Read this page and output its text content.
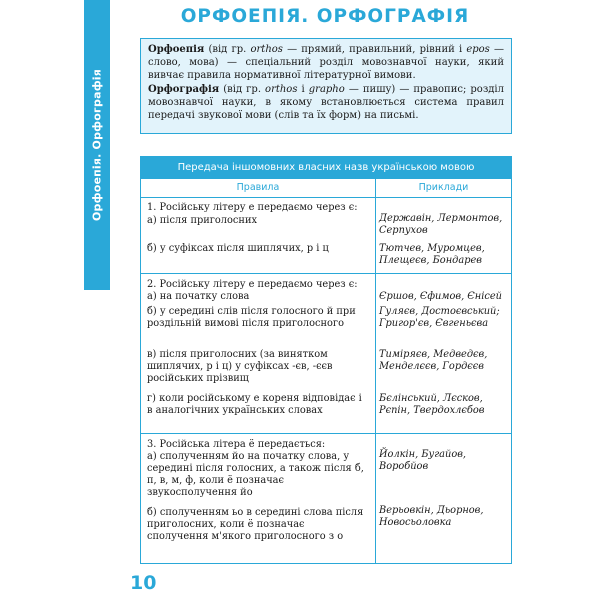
Орфоепія. Орфографія
ОРФОЕПІЯ. ОРФОГРАФІЯ

Орфоепія (від гр. orthos — прямий, правильний, рівний і epos — слово, мова) — спеціальний розділ мовознавчої науки, який вивчає правила нормативної літературної вимови.

Орфографія (від гр. orthos і grapho — пишу) — правопис; розділ мовознавчої науки, в якому встановлюється система правил передачі звукової мови (слів та їх форм) на письмі.

Передача іншомовних власних назв українською мовою
Правила	Приклади
1. Російську літеру е передаємо через є:
а) після приголосних
б) у суфіксах після шиплячих, р і ц
Державін, Лермонтов, Серпухов
Тютчев, Муромцев, Плещеєв, Бондарев
2. Російську літеру е передаємо через є:
а) на початку слова
б) у середині слів після голосного й при роздільній вимові після приголосного
в) після приголосних (за винятком шиплячих, р і ц) у суфіксах -єв, -єєв російських прізвищ
г) коли російському е кореня відповідає і в аналогічних українських словах
Єршов, Єфимов, Єнісей
Гуляєв, Достоєвський; Григор'єв, Євгеньєва
Тиміряєв, Медведєв, Менделєєв, Гордєєв
Бєлінський, Лєсков, Рєпін, Твердохлєбов
3. Російська літера ё передається:
а) сполученням йо на початку слова, у середині після голосних, а також після б, п, в, м, ф, коли ё позначає звукосполучення йо
б) сполученням ьо в середині слова після приголосних, коли ё позначає сполучення м'якого приголосного з о
Йолкін, Бугайов, Воробйов
Верьовкін, Дьорнов, Новосьоловка
10
